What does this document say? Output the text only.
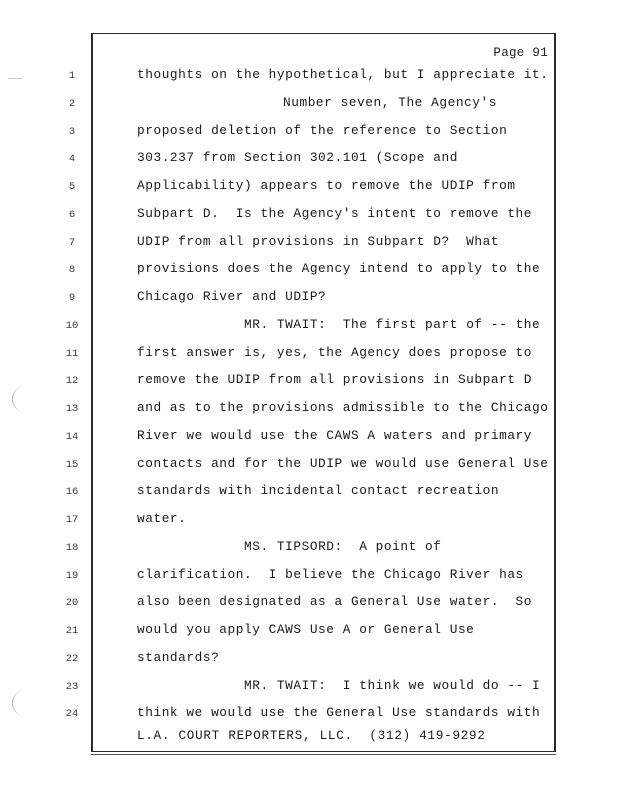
Page 91
1
2
3
4
5
6
7
8
9
10
11
12
13
14
15
16
17
18
19
20
21
22
23
24
thoughts on the hypothetical, but I appreciate it.
Number seven, The Agency's
proposed deletion of the reference to Section
303.237 from Section 302.101 (Scope and
Applicability) appears to remove the UDIP from
Subpart D.  Is the Agency's intent to remove the
UDIP from all provisions in Subpart D?  What
provisions does the Agency intend to apply to the
Chicago River and UDIP?
MR. TWAIT:  The first part of -- the
first answer is, yes, the Agency does propose to
remove the UDIP from all provisions in Subpart D
and as to the provisions admissible to the Chicago
River we would use the CAWS A waters and primary
contacts and for the UDIP we would use General Use
standards with incidental contact recreation
water.
MS. TIPSORD:  A point of
clarification.  I believe the Chicago River has
also been designated as a General Use water.  So
would you apply CAWS Use A or General Use
standards?
MR. TWAIT:  I think we would do -- I
think we would use the General Use standards with
L.A. COURT REPORTERS, LLC.  (312) 419-9292
